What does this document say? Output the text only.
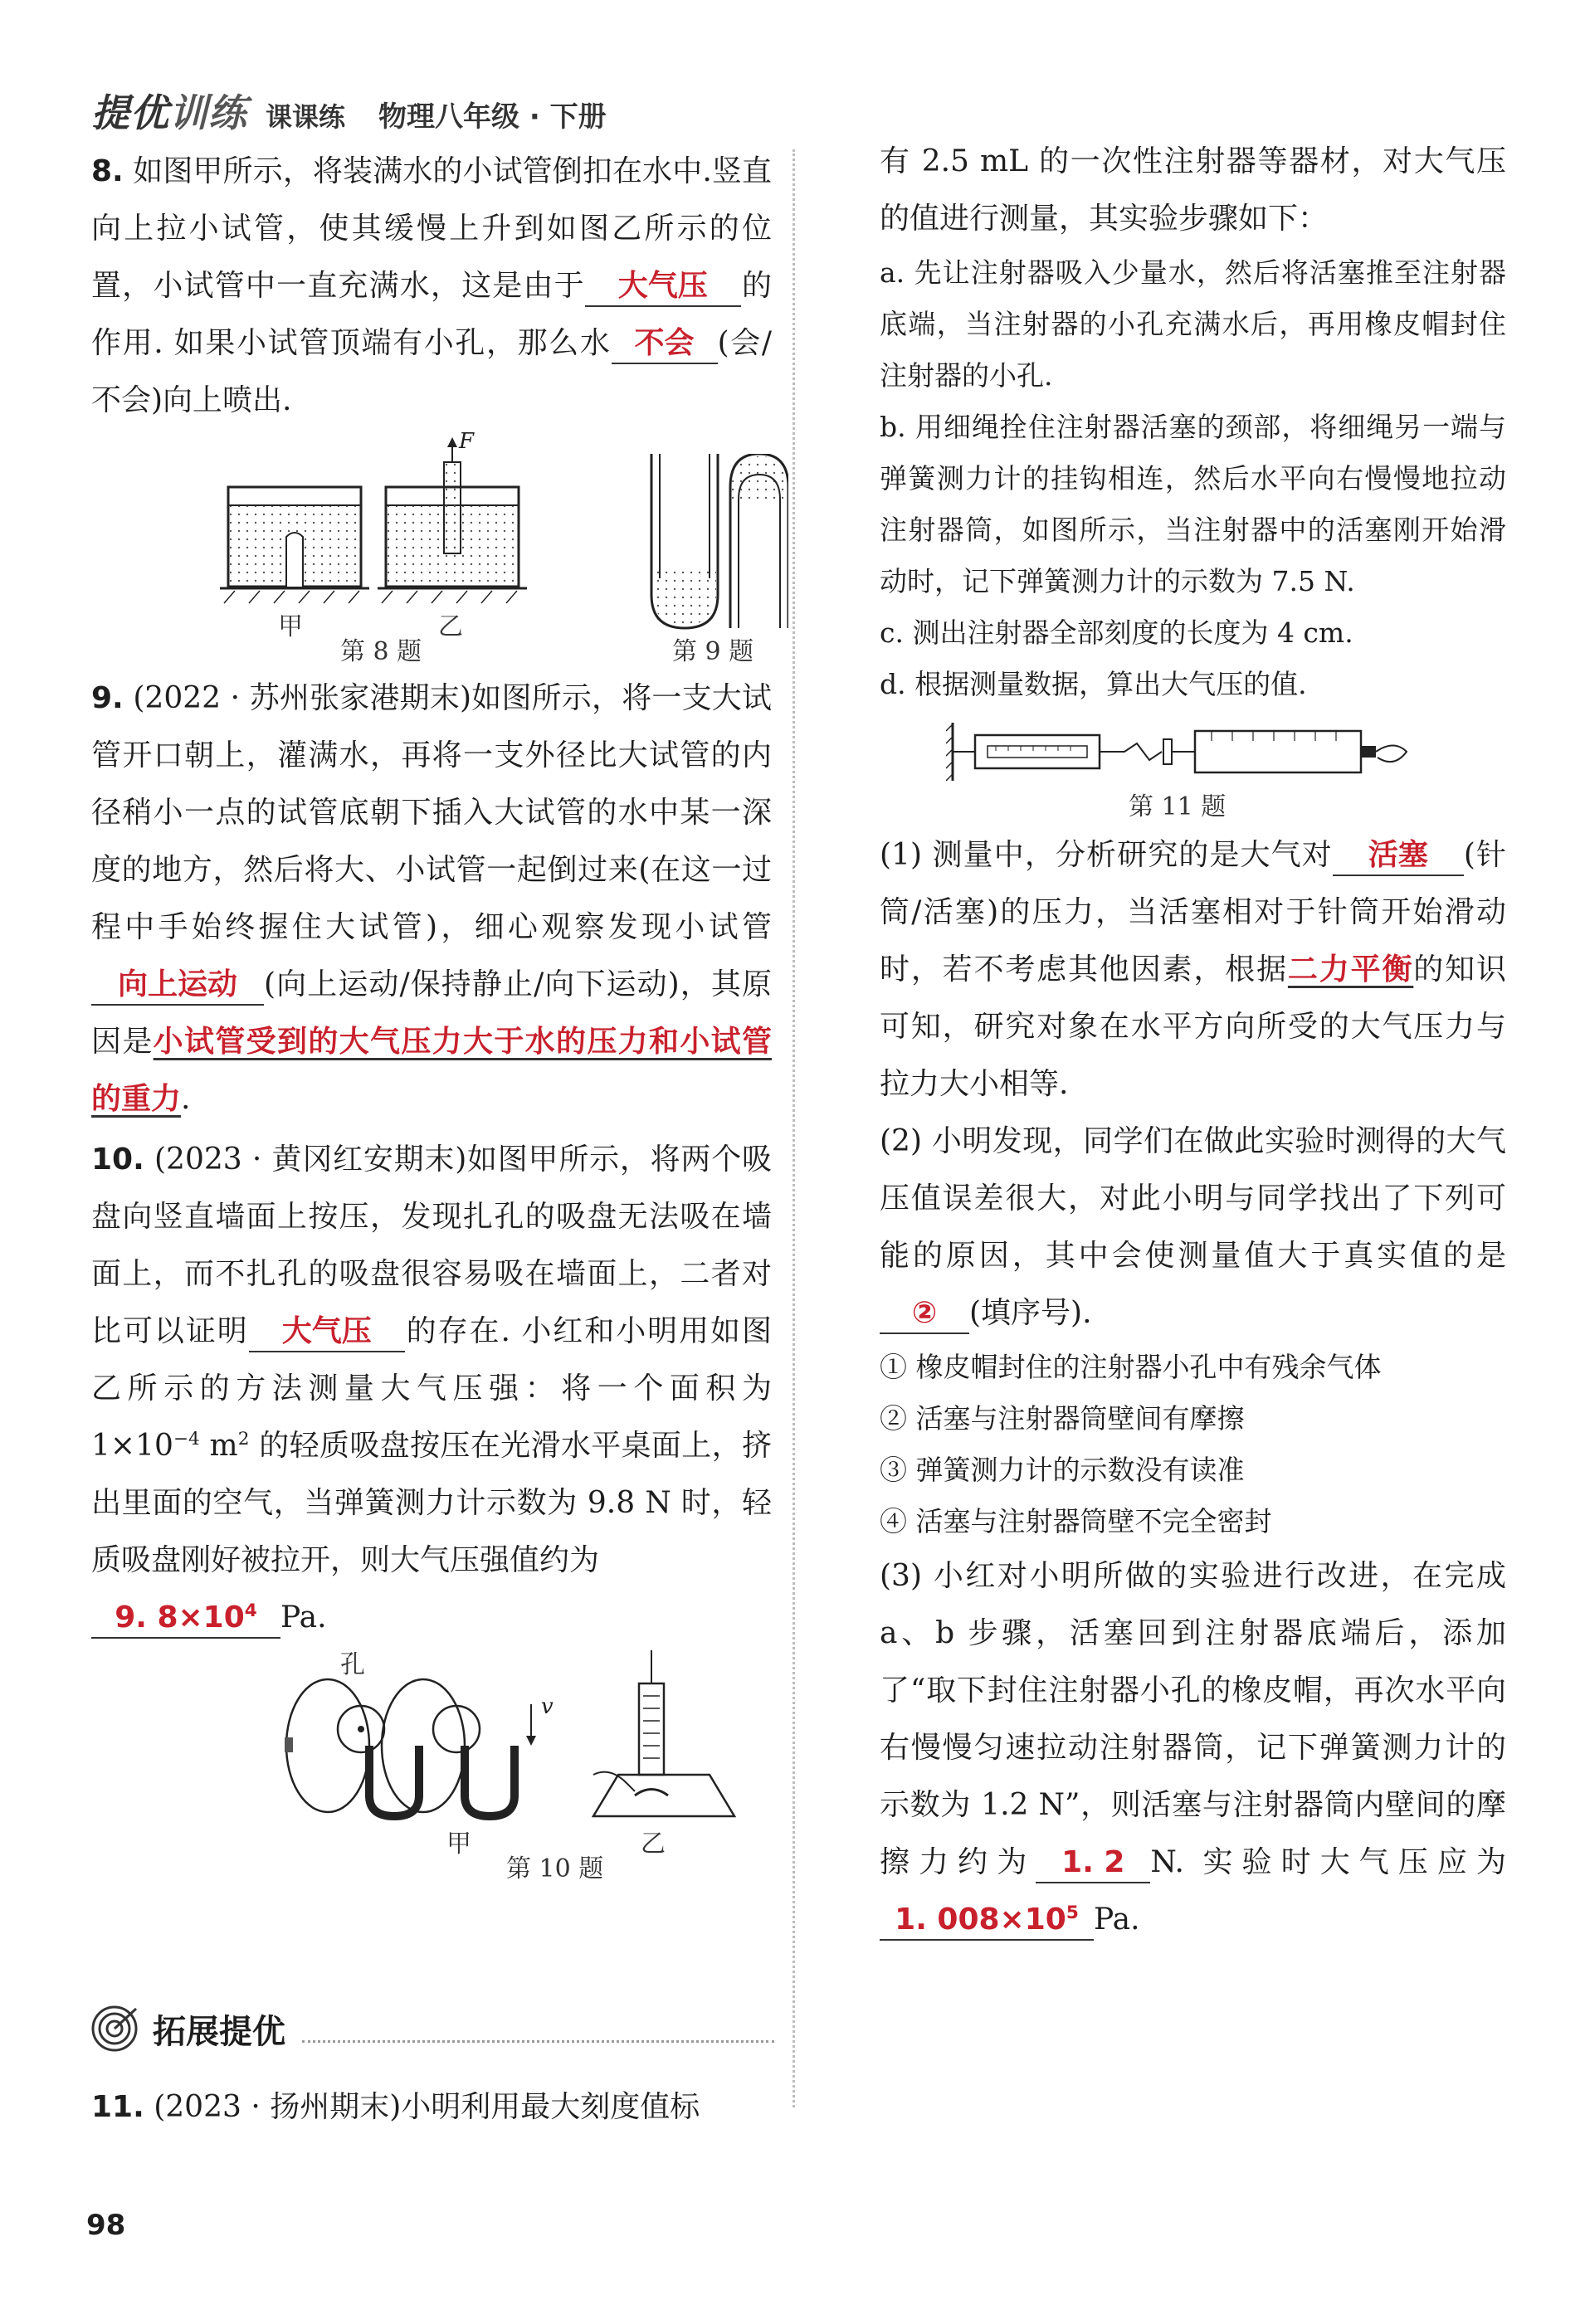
提优训练 课课练 物理八年级 · 下册

8. 如图甲所示，将装满水的小试管倒扣在水中.竖直向上拉小试管，使其缓慢上升到如图乙所示的位置，小试管中一直充满水，这是由于 大气压 的作用. 如果小试管顶端有小孔，那么水 不会 (会/不会)向上喷出.

F
甲	乙
第 8 题	第 9 题

9. (2022 · 苏州张家港期末)如图所示，将一支大试管开口朝上，灌满水，再将一支外径比大试管的内径稍小一点的试管底朝下插入大试管的水中某一深度的地方，然后将大、小试管一起倒过来(在这一过程中手始终握住大试管)，细心观察发现小试管向上运动 (向上运动/保持静止/向下运动)，其原因是小试管受到的大气压力大于水的压力和小试管的重力.

10. (2023 · 黄冈红安期末)如图甲所示，将两个吸盘向竖直墙面上按压，发现扎孔的吸盘无法吸在墙面上，而不扎孔的吸盘很容易吸在墙面上，二者对比可以证明 大气压 的存在. 小红和小明用如图乙所示的方法测量大气压强：将一个面积为 $1\times 10^{-4}$ $m^2$ 的轻质吸盘按压在光滑水平桌面上，挤出里面的空气，当弹簧测力计示数为 9.8 N 时，轻质吸盘刚好被拉开，则大气压强值约为
9. $8\times 10^4$ Pa.

孔
v
甲	乙
第 10 题
拓展提优

11. (2023 · 扬州期末)小明利用最大刻度值标

有 2.5 mL 的一次性注射器等器材，对大气压的值进行测量，其实验步骤如下：

a. 先让注射器吸入少量水，然后将活塞推至注射器底端，当注射器的小孔充满水后，再用橡皮帽封住注射器的小孔.

b. 用细绳拴住注射器活塞的颈部，将细绳另一端与弹簧测力计的挂钩相连，然后水平向右慢慢地拉动注射器筒，如图所示，当注射器中的活塞刚开始滑动时，记下弹簧测力计的示数为 7.5 N.

c. 测出注射器全部刻度的长度为 4 cm.

d. 根据测量数据，算出大气压的值.

第 11 题

(1) 测量中，分析研究的是大气对 活塞 (针筒/活塞)的压力，当活塞相对于针筒开始滑动时，若不考虑其他因素，根据二力平衡的知识可知，研究对象在水平方向所受的大气压力与拉力大小相等.

(2) 小明发现，同学们在做此实验时测得的大气压值误差很大，对此小明与同学找出了下列可能的原因，其中会使测量值大于真实值的是② (填序号).

① 橡皮帽封住的注射器小孔中有残余气体

② 活塞与注射器筒壁间有摩擦

③ 弹簧测力计的示数没有读准

④ 活塞与注射器筒壁不完全密封

(3) 小红对小明所做的实验进行改进，在完成 a、b 步骤，活塞回到注射器底端后，添加了“取下封住注射器小孔的橡皮帽，再次水平向右慢慢匀速拉动注射器筒，记下弹簧测力计的示数为 1.2 N”，则活塞与注射器筒内壁间的摩擦力约为 1. 2 N. 实验时大气压应为1. $008\times 10^5$ Pa.

98
